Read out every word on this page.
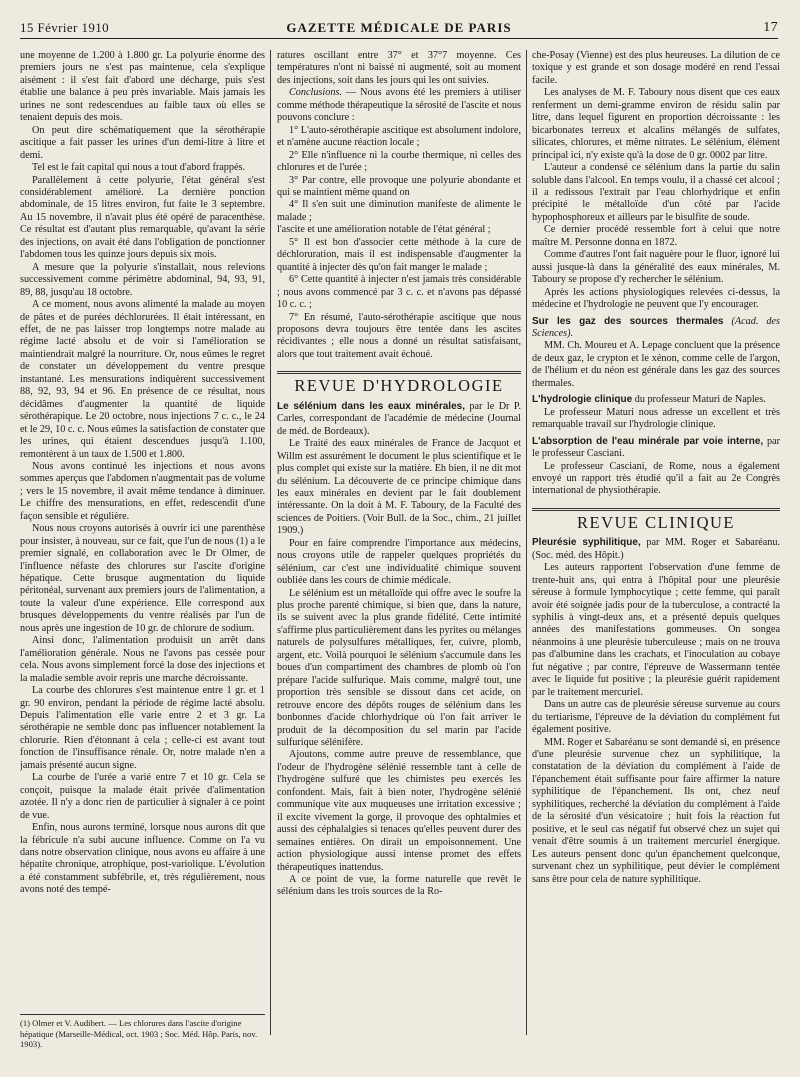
15 Février 1910	GAZETTE MÉDICALE DE PARIS	17

une moyenne de 1.200 à 1.800 gr. La polyurie énorme des premiers jours ne s'est pas maintenue, cela s'explique aisément : il s'est fait d'abord une décharge, puis s'est établie une balance à peu près invariable. Mais jamais les urines ne sont redescendues au faible taux où elles se tenaient depuis des mois.

On peut dire schématiquement que la sérothérapie ascitique a fait passer les urines d'un demi-litre à litre et demi.

Tel est le fait capital qui nous a tout d'abord frappés.

Parallèlement à cette polyurie, l'état général s'est considérablement amélioré. La dernière ponction abdominale, de 15 litres environ, fut faite le 3 septembre. Au 15 novembre, il n'avait plus été opéré de paracenthèse. Ce résultat est d'autant plus remarquable, qu'avant la série des injections, on avait été dans l'obligation de ponctionner l'abdomen tous les quinze jours depuis six mois.

A mesure que la polyurie s'installait, nous relevions successivement comme périmètre abdominal, 94, 93, 91, 89, 88, jusqu'au 18 octobre.

A ce moment, nous avons alimenté la malade au moyen de pâtes et de purées déchlorurées. Il était intéressant, en effet, de ne pas laisser trop longtemps notre malade au régime lacté absolu et de voir si l'amélioration se maintiendrait malgré la nourriture. Or, nous eûmes le regret de constater un développement du ventre presque instantané. Les mensurations indiquèrent successivement 88, 92, 93, 94 et 96. En présence de ce résultat, nous décidâmes d'augmenter la quantité de liquide sérothérapique. Le 20 octobre, nous injections 7 c. c., le 24 et le 29, 10 c. c. Nous eûmes la satisfaction de constater que les urines, qui étaient descendues jusqu'à 1.100, remontèrent à un taux de 1.500 et 1.800.

Nous avons continué les injections et nous avons sommes aperçus que l'abdomen n'augmentait pas de volume ; vers le 15 novembre, il avait même tendance à diminuer. Le chiffre des mensurations, en effet, redescendit d'une façon sensible et régulière.

Nous nous croyons autorisés à ouvrir ici une parenthèse pour insister, à nouveau, sur ce fait, que l'un de nous (1) a le premier signalé, en collaboration avec le Dr Olmer, de l'influence néfaste des chlorures sur l'ascite d'origine hépatique. Cette brusque augmentation du liquide péritonéal, survenant aux premiers jours de l'alimentation, a toute la valeur d'une expérience. Elle correspond aux brusques développements du ventre réalisés par l'un de nous après une ingestion de 10 gr. de chlorure de sodium.

Ainsi donc, l'alimentation produisit un arrêt dans l'amélioration générale. Nous ne l'avons pas cessée pour cela. Nous avons simplement forcé la dose des injections et la maladie semble avoir repris une marche décroissante.

La courbe des chlorures s'est maintenue entre 1 gr. et 1 gr. 90 environ, pendant la période de régime lacté absolu. Depuis l'alimentation elle varie entre 2 et 3 gr. La sérothérapie ne semble donc pas influencer notablement la chlorurie. Rien d'étonnant à cela ; celle-ci est avant tout fonction de l'insuffisance rénale. Or, notre malade n'en a jamais présenté aucun signe.

La courbe de l'urée a varié entre 7 et 10 gr. Cela se conçoit, puisque la malade était privée d'alimentation azotée. Il n'y a donc rien de particulier à signaler à ce point de vue.

Enfin, nous aurons terminé, lorsque nous aurons dit que la fébricule n'a subi aucune influence. Comme on l'a vu dans notre observation clinique, nous avons eu affaire à une hépatite chronique, atrophique, post-variolique. L'évolution a été constamment subfébrile, et, très régulièrement, nous avons noté des tempé-

(1) Olmer et V. Audibert. — Les chlorures dans l'ascite d'origine hépatique (Marseille-Médical, oct. 1903 ; Soc. Méd. Hôp. Paris, nov. 1903).

ratures oscillant entre 37° et 37°7 moyenne. Ces températures n'ont ni baissé ni augmenté, soit au moment des injections, soit dans les jours qui les ont suivies.

Conclusions. — Nous avons été les premiers à utiliser comme méthode thérapeutique la sérosité de l'ascite et nous pouvons conclure :

1° L'auto-sérothérapie ascitique est absolument indolore, et n'amène aucune réaction locale ;

2° Elle n'influence ni la courbe thermique, ni celles des chlorures et de l'urée ;

3° Par contre, elle provoque une polyurie abondante et qui se maintient même quand on

4° Il s'en suit une diminution manifeste de alimente le malade ;

l'ascite et une amélioration notable de l'état général ;

5° Il est bon d'associer cette méthode à la cure de déchloruration, mais il est indispensable d'augmenter la quantité à injecter dès qu'on fait manger le malade ;

6° Cette quantité à injecter n'est jamais très considérable ; nous avons commencé par 3 c. c. et n'avons pas dépassé 10 c. c. ;

7° En résumé, l'auto-sérothérapie ascitique que nous proposons devra toujours être tentée dans les ascites récidivantes ; elle nous a donné un résultat satisfaisant, alors que tout traitement avait échoué.

REVUE D'HYDROLOGIE

Le sélénium dans les eaux minérales, par le Dr P. Carles, correspondant de l'académie de médecine (Journal de méd. de Bordeaux).

Le Traité des eaux minérales de France de Jacquot et Willm est assurément le document le plus scientifique et le plus complet qui existe sur la matière. Eh bien, il ne dit mot du sélénium. La découverte de ce principe chimique dans les eaux minérales en devient par le fait doublement intéressante. On la doit à M. F. Taboury, de la Faculté des sciences de Poitiers. (Voir Bull. de la Soc., chim., 21 juillet 1909.)

Pour en faire comprendre l'importance aux médecins, nous croyons utile de rappeler quelques propriétés du sélénium, car c'est une individualité chimique souvent oubliée dans les cours de chimie médicale.

Le sélénium est un métalloïde qui offre avec le soufre la plus proche parenté chimique, si bien que, dans la nature, ils se suivent avec la plus grande fidélité. Cette intimité s'affirme plus particulièrement dans les pyrites ou mélanges naturels de polysulfures métalliques, fer, cuivre, plomb, argent, etc. Voilà pourquoi le sélénium s'accumule dans les boues d'un compartiment des chambres de plomb où l'on prépare l'acide sulfurique. Mais comme, malgré tout, une proportion très sensible se dissout dans cet acide, on retrouve encore des dépôts rouges de sélénium dans les bonbonnes d'acide chlorhydrique où l'on fait arriver le produit de la décomposition du sel marin par l'acide sulfurique sélénifère.

Ajoutons, comme autre preuve de ressemblance, que l'odeur de l'hydrogène sélénié ressemble tant à celle de l'hydrogène sulfuré que les chimistes peu exercés les confondent. Mais, fait à bien noter, l'hydrogène sélénié communique vite aux muqueuses une irritation excessive ; il excite vivement la gorge, il provoque des ophtalmies et aussi des céphalalgies si tenaces qu'elles peuvent durer des semaines entières. On dirait un empoisonnement. Une action physiologique aussi intense promet des effets thérapeutiques inattendus.

A ce point de vue, la forme naturelle que revêt le sélénium dans les trois sources de la Ro-

che-Posay (Vienne) est des plus heureuses. La dilution de ce toxique y est grande et son dosage modéré en rend l'essai facile.

Les analyses de M. F. Taboury nous disent que ces eaux renferment un demi-gramme environ de résidu salin par litre, dans lequel figurent en proportion décroissante : les bicarbonates terreux et alcalins mélangés de sulfates, silicates, chlorures, et même nitrates. Le sélénium, élément principal ici, n'y existe qu'à la dose de 0 gr. 0002 par litre.

L'auteur a condensé ce sélénium dans la partie du salin soluble dans l'alcool. En temps voulu, il a chassé cet alcool ; il a redissous l'extrait par l'eau chlorhydrique et enfin précipité le métalloïde d'un côté par l'acide hypophosphoreux et ailleurs par le bisulfite de soude.

Ce dernier procédé ressemble fort à celui que notre maître M. Personne donna en 1872.

Comme d'autres l'ont fait naguère pour le fluor, ignoré lui aussi jusque-là dans la généralité des eaux minérales, M. Taboury se propose d'y rechercher le sélénium.

Après les actions physiologiques relevées ci-dessus, la médecine et l'hydrologie ne peuvent que l'y encourager.

Sur les gaz des sources thermales (Acad. des Sciences).

MM. Ch. Moureu et A. Lepage concluent que la présence de deux gaz, le crypton et le xénon, comme celle de l'argon, de l'hélium et du néon est générale dans les gaz des sources thermales.

L'hydrologie clinique du professeur Maturi de Naples.

Le professeur Maturi nous adresse un excellent et très remarquable travail sur l'hydrologie clinique.

L'absorption de l'eau minérale par voie interne, par le professeur Casciani.

Le professeur Casciani, de Rome, nous a également envoyé un rapport très étudié qu'il a fait au 2e Congrès international de physiothérapie.

REVUE CLINIQUE

Pleurésie syphilitique, par MM. Roger et Sabaréanu. (Soc. méd. des Hôpit.)

Les auteurs rapportent l'observation d'une femme de trente-huit ans, qui entra à l'hôpital pour une pleurésie séreuse à formule lymphocytique ; cette femme, qui paraît avoir été soignée jadis pour de la tuberculose, a contracté la syphilis à vingt-deux ans, et a présenté depuis quelques années des manifestations gommeuses. On songea néanmoins à une pleurésie tuberculeuse ; mais on ne trouva pas d'albumine dans les crachats, et l'inoculation au cobaye fut négative ; par contre, l'épreuve de Wassermann tentée avec le liquide fut positive ; la pleurésie guérit rapidement par le traitement mercuriel.

Dans un autre cas de pleurésie séreuse survenue au cours du tertiarisme, l'épreuve de la déviation du complément fut également positive.

MM. Roger et Sabaréanu se sont demandé si, en présence d'une pleurésie survenue chez un syphilitique, la constatation de la déviation du complément à l'aide de l'épanchement était suffisante pour faire affirmer la nature syphilitique de l'épanchement. Ils ont, chez neuf syphilitiques, recherché la déviation du complément à l'aide de la sérosité d'un vésicatoire ; huit fois la réaction fut positive, et le seul cas négatif fut observé chez un sujet qui venait d'être soumis à un traitement mercuriel énergique. Les auteurs pensent donc qu'un épanchement quelconque, survenant chez un syphilitique, peut dévier le complément sans être pour cela de nature syphilitique.
